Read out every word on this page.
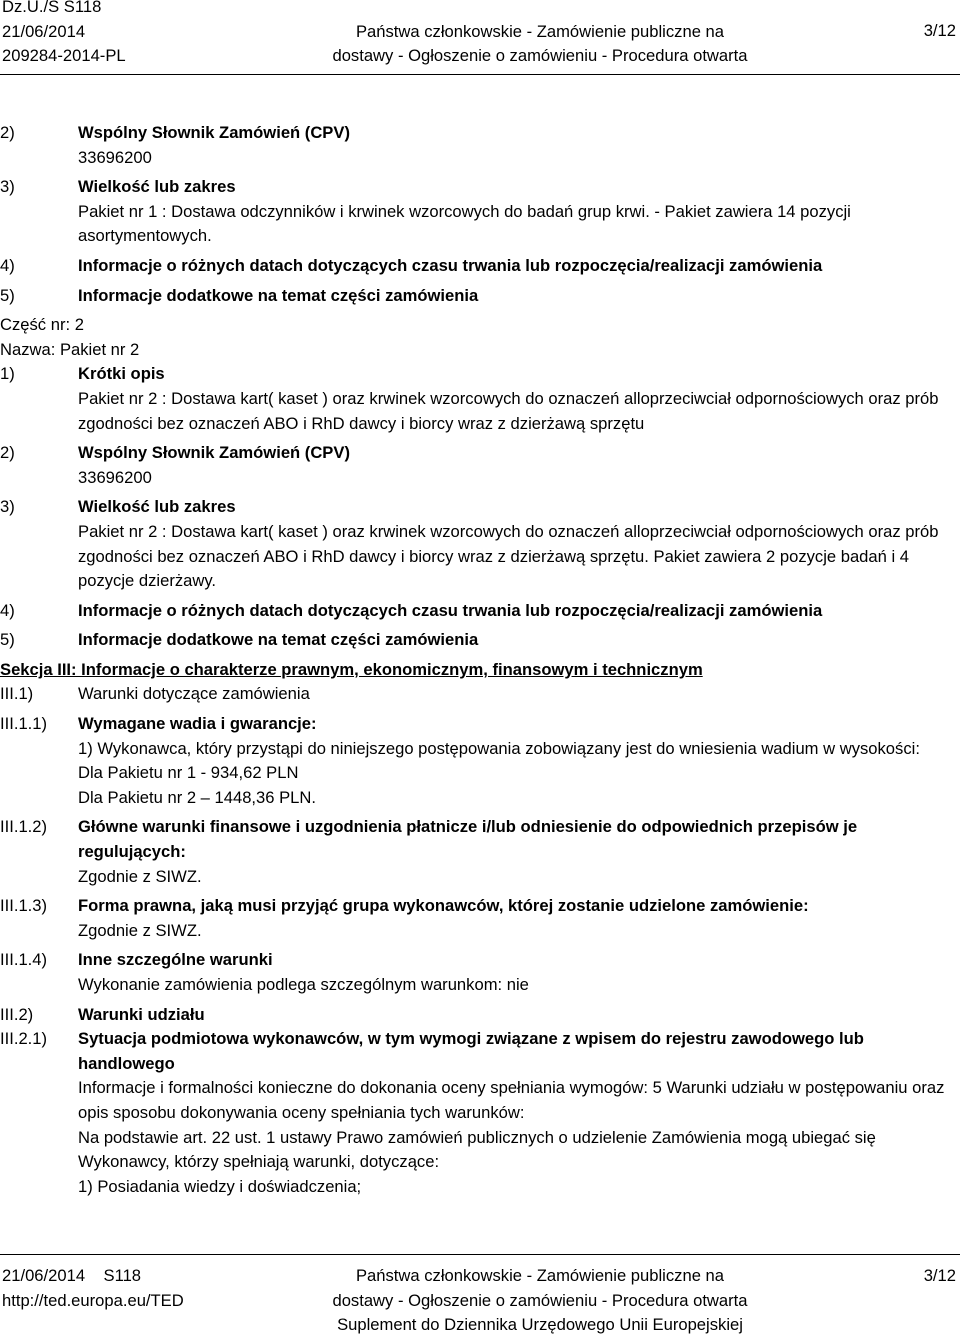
Dz.U./S S118
21/06/2014
209284-2014-PL
Państwa członkowskie - Zamówienie publiczne na
dostawy - Ogłoszenie o zamówieniu - Procedura otwarta
3/12
2)	Wspólny Słownik Zamówień (CPV)
33696200
3)	Wielkość lub zakres
Pakiet nr 1 : Dostawa odczynników i krwinek wzorcowych do badań grup krwi. - Pakiet zawiera 14 pozycji asortymentowych.
4)	Informacje o różnych datach dotyczących czasu trwania lub rozpoczęcia/realizacji zamówienia
5)	Informacje dodatkowe na temat części zamówienia
Część nr: 2
Nazwa: Pakiet nr 2
1)	Krótki opis
Pakiet nr 2 : Dostawa kart( kaset ) oraz krwinek wzorcowych do oznaczeń alloprzeciwciał odpornościowych oraz prób zgodności bez oznaczeń ABO i RhD dawcy i biorcy wraz z dzierżawą sprzętu
2)	Wspólny Słownik Zamówień (CPV)
33696200
3)	Wielkość lub zakres
Pakiet nr 2 : Dostawa kart( kaset ) oraz krwinek wzorcowych do oznaczeń alloprzeciwciał odpornościowych oraz prób zgodności bez oznaczeń ABO i RhD dawcy i biorcy wraz z dzierżawą sprzętu. Pakiet zawiera 2 pozycje badań i 4 pozycje dzierżawy.
4)	Informacje o różnych datach dotyczących czasu trwania lub rozpoczęcia/realizacji zamówienia
5)	Informacje dodatkowe na temat części zamówienia
Sekcja III: Informacje o charakterze prawnym, ekonomicznym, finansowym i technicznym
III.1)	Warunki dotyczące zamówienia
III.1.1) Wymagane wadia i gwarancje:
1) Wykonawca, który przystąpi do niniejszego postępowania zobowiązany jest do wniesienia wadium w wysokości:
Dla Pakietu nr 1 - 934,62 PLN
Dla Pakietu nr 2 – 1448,36 PLN.
III.1.2) Główne warunki finansowe i uzgodnienia płatnicze i/lub odniesienie do odpowiednich przepisów je regulujących:
Zgodnie z SIWZ.
III.1.3) Forma prawna, jaką musi przyjąć grupa wykonawców, której zostanie udzielone zamówienie:
Zgodnie z SIWZ.
III.1.4) Inne szczególne warunki
Wykonanie zamówienia podlega szczególnym warunkom: nie
III.2)	Warunki udziału
III.2.1) Sytuacja podmiotowa wykonawców, w tym wymogi związane z wpisem do rejestru zawodowego lub handlowego
Informacje i formalności konieczne do dokonania oceny spełniania wymogów: 5 Warunki udziału w postępowaniu oraz opis sposobu dokonywania oceny spełniania tych warunków:
Na podstawie art. 22 ust. 1 ustawy Prawo zamówień publicznych o udzielenie Zamówienia mogą ubiegać się Wykonawcy, którzy spełniają warunki, dotyczące:
1) Posiadania wiedzy i doświadczenia;
21/06/2014 S118
http://ted.europa.eu/TED
Państwa członkowskie - Zamówienie publiczne na
dostawy - Ogłoszenie o zamówieniu - Procedura otwarta
Suplement do Dziennika Urzędowego Unii Europejskiej
3/12
